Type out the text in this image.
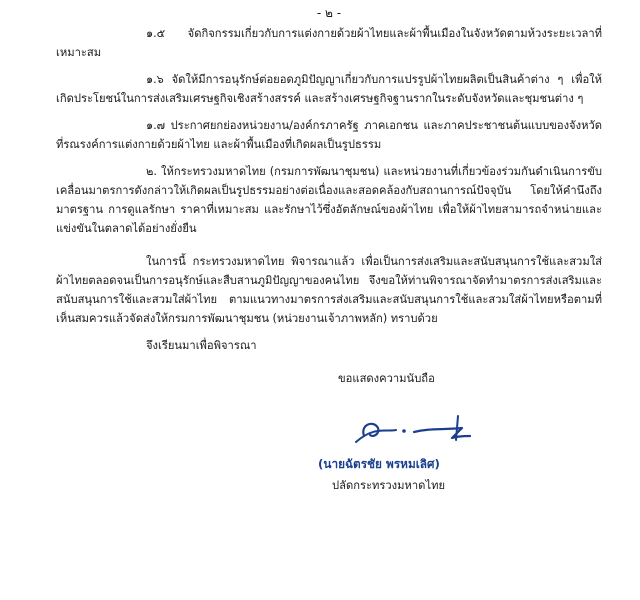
- ๒ -

๑.๕ จัดกิจกรรมเกี่ยวกับการแต่งกายด้วยผ้าไทยและผ้าพื้นเมืองในจังหวัดตามห้วงระยะเวลาที่เหมาะสม

๑.๖ จัดให้มีการอนุรักษ์ต่อยอดภูมิปัญญาเกี่ยวกับการแปรรูปผ้าไทยผลิตเป็นสินค้าต่าง ๆ เพื่อให้เกิดประโยชน์ในการส่งเสริมเศรษฐกิจเชิงสร้างสรรค์ และสร้างเศรษฐกิจฐานรากในระดับจังหวัดและชุมชนต่าง ๆ

๑.๗ ประกาศยกย่องหน่วยงาน/องค์กรภาครัฐ ภาคเอกชน และภาคประชาชนต้นแบบของจังหวัดที่รณรงค์การแต่งกายด้วยผ้าไทย และผ้าพื้นเมืองที่เกิดผลเป็นรูปธรรม

๒. ให้กระทรวงมหาดไทย (กรมการพัฒนาชุมชน) และหน่วยงานที่เกี่ยวข้องร่วมกันดำเนินการขับเคลื่อนมาตรการดังกล่าวให้เกิดผลเป็นรูปธรรมอย่างต่อเนื่องและสอดคล้องกับสถานการณ์ปัจจุบัน โดยให้คำนึงถึงมาตรฐาน การดูแลรักษา ราคาที่เหมาะสม และรักษาไว้ซึ่งอัตลักษณ์ของผ้าไทย เพื่อให้ผ้าไทยสามารถจำหน่ายและแข่งขันในตลาดได้อย่างยั่งยืน

ในการนี้ กระทรวงมหาดไทย พิจารณาแล้ว เพื่อเป็นการส่งเสริมและสนับสนุนการใช้และสวมใส่ผ้าไทยตลอดจนเป็นการอนุรักษ์และสืบสานภูมิปัญญาของคนไทย จึงขอให้ท่านพิจารณาจัดทำมาตรการส่งเสริมและสนับสนุนการใช้และสวมใส่ผ้าไทย ตามแนวทางมาตรการส่งเสริมและสนับสนุนการใช้และสวมใส่ผ้าไทยหรือตามที่เห็นสมควรแล้วจัดส่งให้กรมการพัฒนาชุมชน (หน่วยงานเจ้าภาพหลัก) ทราบด้วย

จึงเรียนมาเพื่อพิจารณา

ขอแสดงความนับถือ

(นายฉัตรชัย พรหมเลิศ)

ปลัดกระทรวงมหาดไทย
